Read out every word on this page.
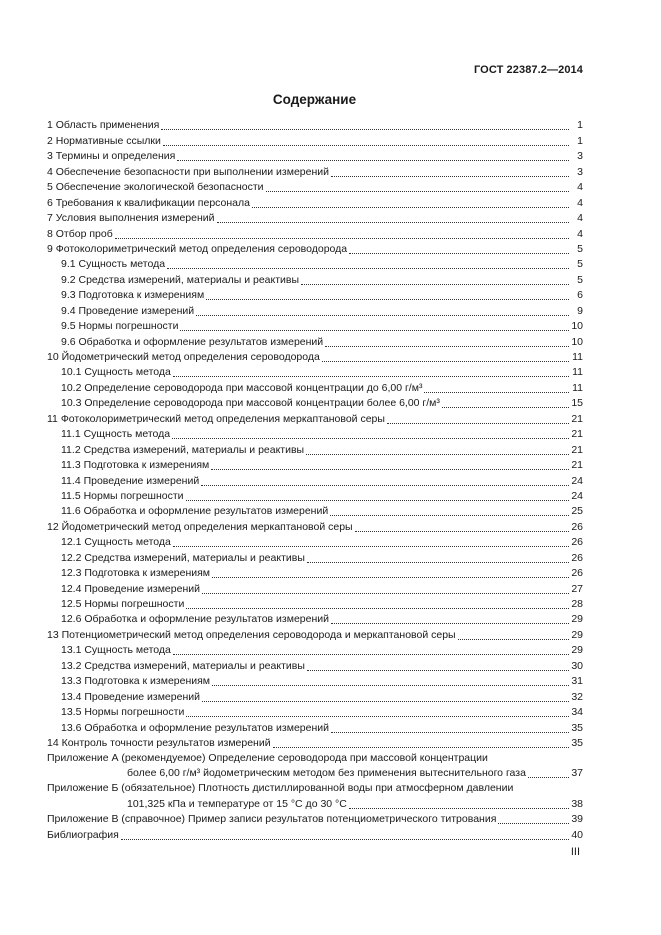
ГОСТ 22387.2—2014
Содержание
1 Область применения	1
2 Нормативные ссылки	1
3 Термины и определения	3
4 Обеспечение безопасности при выполнении измерений	3
5 Обеспечение экологической безопасности	4
6 Требования к квалификации персонала	4
7 Условия выполнения измерений	4
8 Отбор проб	4
9 Фотоколориметрический метод определения сероводорода	5
9.1 Сущность метода	5
9.2 Средства измерений, материалы и реактивы	5
9.3 Подготовка к измерениям	6
9.4 Проведение измерений	9
9.5 Нормы погрешности	10
9.6 Обработка и оформление результатов измерений	10
10 Йодометрический метод определения сероводорода	11
10.1 Сущность метода	11
10.2 Определение сероводорода при массовой концентрации до 6,00 г/м³	11
10.3 Определение сероводорода при массовой концентрации более 6,00 г/м³	15
11 Фотоколориметрический метод определения меркаптановой серы	21
11.1 Сущность метода	21
11.2 Средства измерений, материалы и реактивы	21
11.3 Подготовка к измерениям	21
11.4 Проведение измерений	24
11.5 Нормы погрешности	24
11.6 Обработка и оформление результатов измерений	25
12 Йодометрический метод определения меркаптановой серы	26
12.1 Сущность метода	26
12.2 Средства измерений, материалы и реактивы	26
12.3 Подготовка к измерениям	26
12.4 Проведение измерений	27
12.5 Нормы погрешности	28
12.6 Обработка и оформление результатов измерений	29
13 Потенциометрический метод определения сероводорода и меркаптановой серы	29
13.1 Сущность метода	29
13.2 Средства измерений, материалы и реактивы	30
13.3 Подготовка к измерениям	31
13.4 Проведение измерений	32
13.5 Нормы погрешности	34
13.6 Обработка и оформление результатов измерений	35
14 Контроль точности результатов измерений	35
Приложение А (рекомендуемое) Определение сероводорода при массовой концентрации
более 6,00 г/м³ йодометрическим методом без применения вытеснительного газа	37
Приложение Б (обязательное) Плотность дистиллированной воды при атмосферном давлении
101,325 кПа и температуре от 15 °С до 30 °С	38
Приложение В (справочное) Пример записи результатов потенциометрического титрования	39
Библиография	40
III
